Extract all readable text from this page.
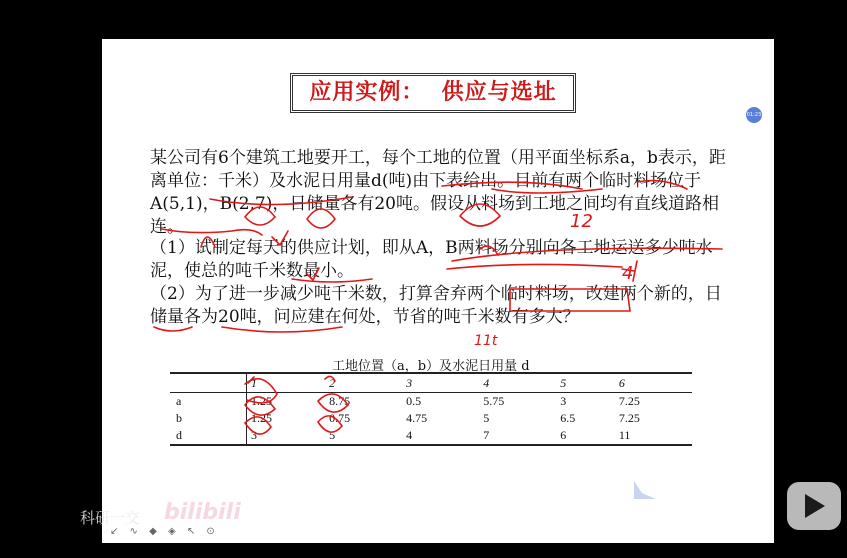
应用实例：  供应与选址
01:23
某公司有6个建筑工地要开工，每个工地的位置（用平面坐标系a，b表示，距离单位：千米）及水泥日用量d(吨)由下表给出。目前有两个临时料场位于A(5,1)，B(2,7)，日储量各有20吨。假设从料场到工地之间均有直线道路相连。
（1）试制定每天的供应计划，即从A，B两料场分别向各工地运送多少吨水泥，使总的吨千米数最小。
（2）为了进一步减少吨千米数，打算舍弃两个临时料场，改建两个新的，日储量各为20吨，问应建在何处，节省的吨千米数有多大？
工地位置（a，b）及水泥日用量 d
	1	2	3	4	5	6
a	1.25	8.75	0.5	5.75	3	7.25
b	1.25	0.75	4.75	5	6.5	7.25
d	3	5	4	7	6	11
12
4
11t
↙ ∿ ◆ ◈ ↖ ⊙
科研一交 bilibili
